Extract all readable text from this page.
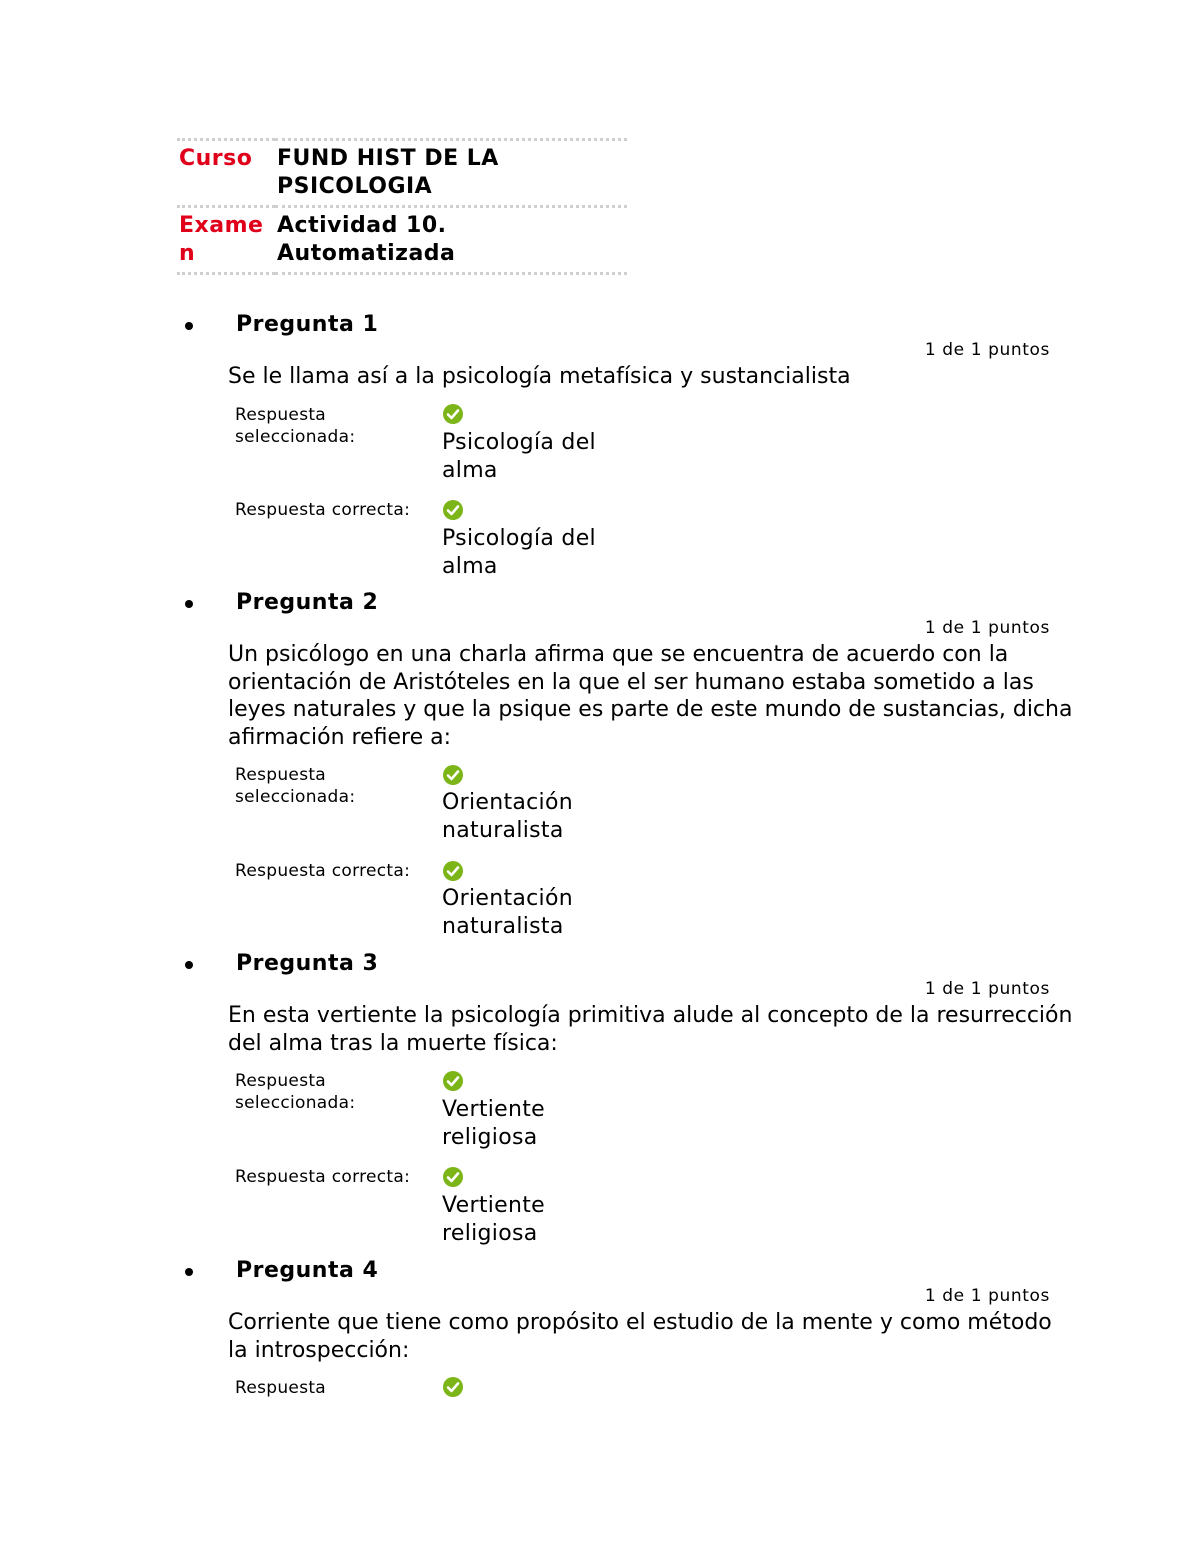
Curso	FUND HIST DE LA PSICOLOGIA
Examen	Actividad 10. Automatizada
Pregunta 1
1 de 1 puntos
Se le llama así a la psicología metafísica y sustancialista
Respuesta seleccionada:	Psicología del alma
Respuesta correcta:
Psicología del alma
Pregunta 2
1 de 1 puntos
Un psicólogo en una charla afirma que se encuentra de acuerdo con la orientación de Aristóteles en la que el ser humano estaba sometido a las leyes naturales y que la psique es parte de este mundo de sustancias, dicha afirmación refiere a:
Respuesta seleccionada:	Orientación naturalista
Respuesta correcta:
Orientación naturalista
Pregunta 3
1 de 1 puntos
En esta vertiente la psicología primitiva alude al concepto de la resurrección del alma tras la muerte física:
Respuesta seleccionada:	Vertiente religiosa
Respuesta correcta:
Vertiente religiosa
Pregunta 4
1 de 1 puntos
Corriente que tiene como propósito el estudio de la mente y como método la introspección:
Respuesta
